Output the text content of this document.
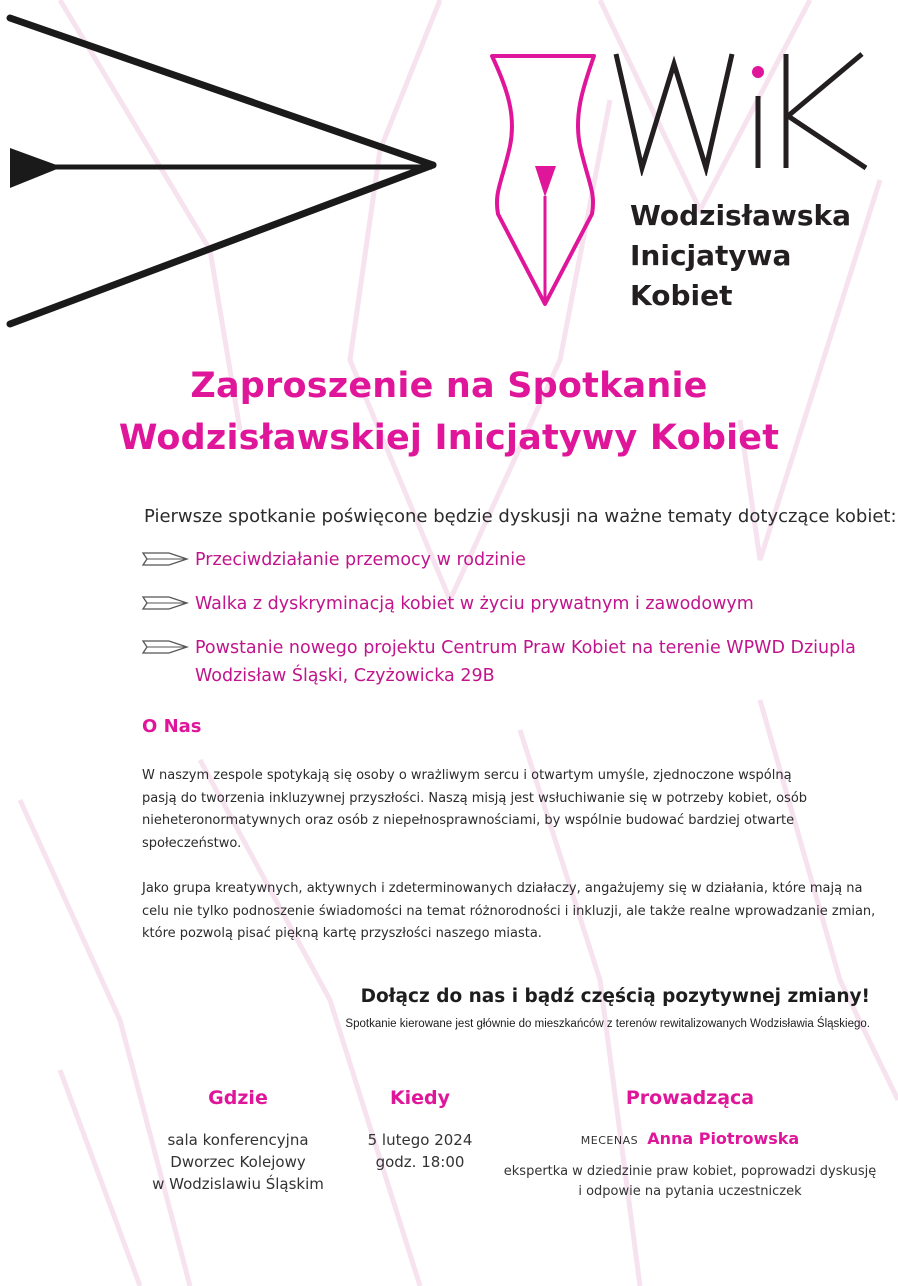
Wodzisławska
Inicjatywa
Kobiet
Zaproszenie na Spotkanie
Wodzisławskiej Inicjatywy Kobiet
Pierwsze spotkanie poświęcone będzie dyskusji na ważne tematy dotyczące kobiet:
Przeciwdziałanie przemocy w rodzinie
Walka z dyskryminacją kobiet w życiu prywatnym i zawodowym
Powstanie nowego projektu Centrum Praw Kobiet na terenie WPWD Dziupla
Wodzisław Śląski, Czyżowicka 29B
O Nas
W naszym zespole spotykają się osoby o wrażliwym sercu i otwartym umyśle, zjednoczone wspólną
pasją do tworzenia inkluzywnej przyszłości. Naszą misją jest wsłuchiwanie się w potrzeby kobiet, osób
nieheteronormatywnych oraz osób z niepełnosprawnościami, by wspólnie budować bardziej otwarte
społeczeństwo.
Jako grupa kreatywnych, aktywnych i zdeterminowanych działaczy, angażujemy się w działania, które mają na
celu nie tylko podnoszenie świadomości na temat różnorodności i inkluzji, ale także realne wprowadzanie zmian,
które pozwolą pisać piękną kartę przyszłości naszego miasta.
Dołącz do nas i bądź częścią pozytywnej zmiany!
Spotkanie kierowane jest głównie do mieszkańców z terenów rewitalizowanych Wodzisławia Śląskiego.
Gdzie
sala konferencyjna
Dworzec Kolejowy
w Wodzislawiu Śląskim
Kiedy
5 lutego 2024
godz. 18:00
Prowadząca
MECENAS Anna Piotrowska
ekspertka w dziedzinie praw kobiet, poprowadzi dyskusję
i odpowie na pytania uczestniczek
